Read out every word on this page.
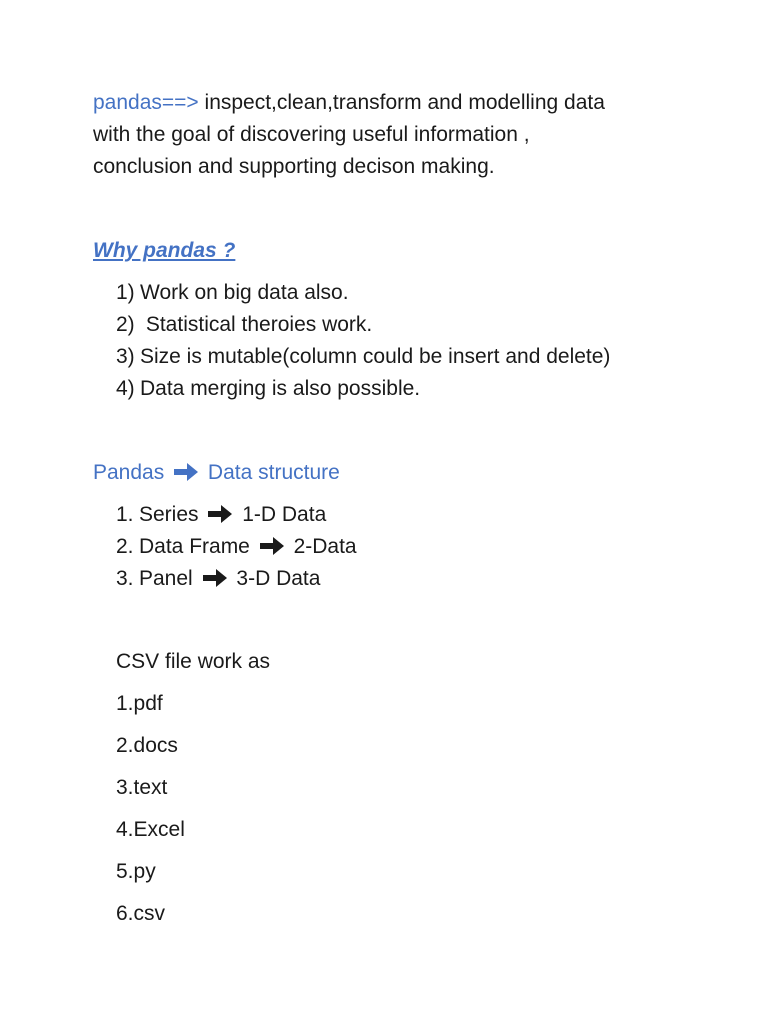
pandas==> inspect,clean,transform and modelling data
with the goal of discovering useful information ,
conclusion and supporting decison making.
Why pandas ?
1) Work on big data also.
2) Statistical theroies work.
3) Size is mutable(column could be insert and delete)
4) Data merging is also possible.
Pandas Data structure
1. Series 1-D Data
2. Data Frame 2-Data
3. Panel  3-D Data
CSV file work as
1.pdf
2.docs
3.text
4.Excel
5.py
6.csv
